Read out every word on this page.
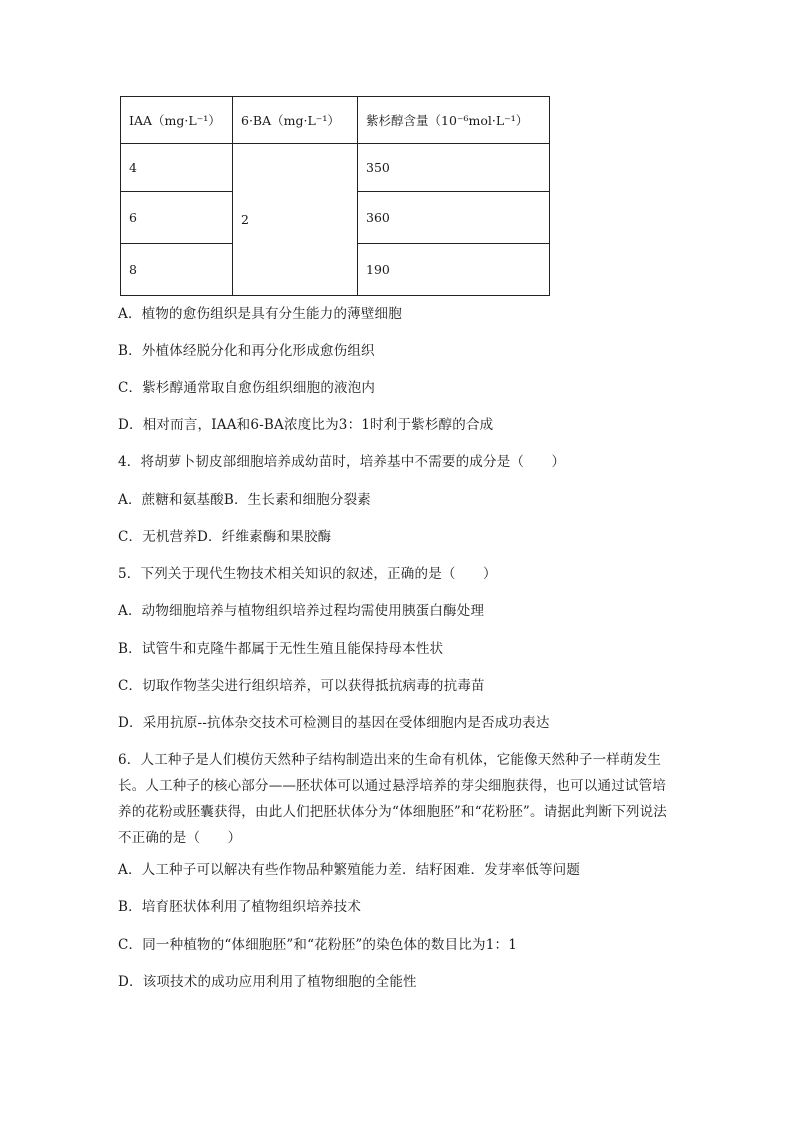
IAA（mg·L⁻¹）	6·BA（mg·L⁻¹）	紫杉醇含量（10⁻⁶mol·L⁻¹）
4	2	350
6		360
8		190
A．植物的愈伤组织是具有分生能力的薄壁细胞
B．外植体经脱分化和再分化形成愈伤组织
C．紫杉醇通常取自愈伤组织细胞的液泡内
D．相对而言，IAA和6-BA浓度比为3：1时利于紫杉醇的合成
4．将胡萝卜韧皮部细胞培养成幼苗时，培养基中不需要的成分是（　　）
A．蔗糖和氨基酸B．生长素和细胞分裂素
C．无机营养D．纤维素酶和果胶酶
5．下列关于现代生物技术相关知识的叙述，正确的是（　　）
A．动物细胞培养与植物组织培养过程均需使用胰蛋白酶处理
B．试管牛和克隆牛都属于无性生殖且能保持母本性状
C．切取作物茎尖进行组织培养，可以获得抵抗病毒的抗毒苗
D．采用抗原--抗体杂交技术可检测目的基因在受体细胞内是否成功表达
6．人工种子是人们模仿天然种子结构制造出来的生命有机体，它能像天然种子一样萌发生长。人工种子的核心部分——胚状体可以通过悬浮培养的芽尖细胞获得，也可以通过试管培养的花粉或胚囊获得，由此人们把胚状体分为“体细胞胚”和“花粉胚”。请据此判断下列说法不正确的是（　　）
A．人工种子可以解决有些作物品种繁殖能力差．结籽困难．发芽率低等问题
B．培育胚状体利用了植物组织培养技术
C．同一种植物的“体细胞胚”和“花粉胚”的染色体的数目比为1：1
D．该项技术的成功应用利用了植物细胞的全能性
